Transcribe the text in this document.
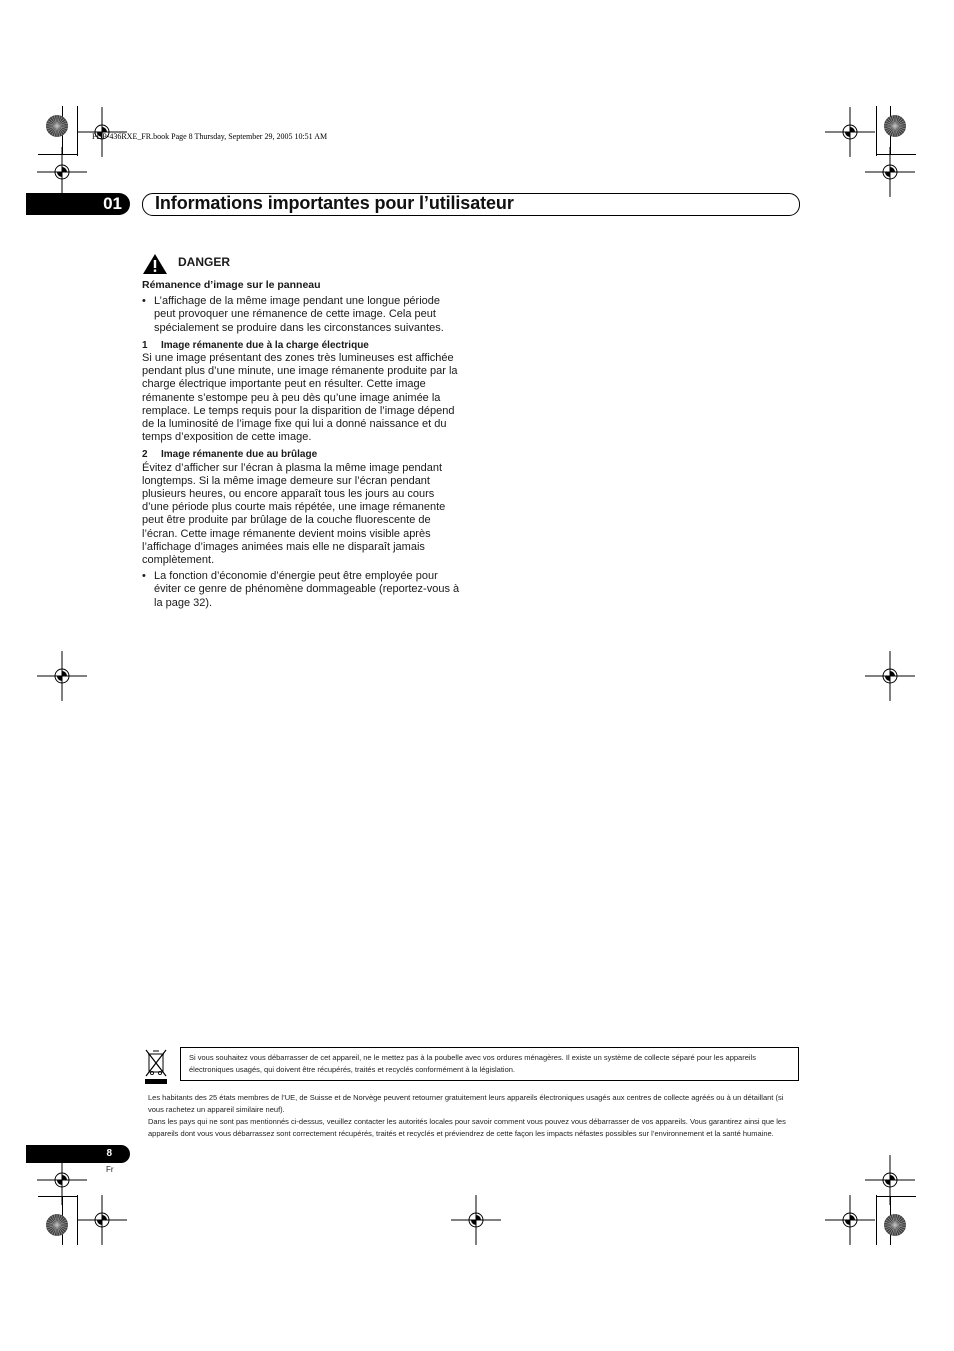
PDP-436RXE_FR.book Page 8 Thursday, September 29, 2005 10:51 AM
01 Informations importantes pour l’utilisateur
DANGER
Rémanence d’image sur le panneau
• L’affichage de la même image pendant une longue période peut provoquer une rémanence de cette image. Cela peut spécialement se produire dans les circonstances suivantes.
1 Image rémanente due à la charge électrique
Si une image présentant des zones très lumineuses est affichée pendant plus d’une minute, une image rémanente produite par la charge électrique importante peut en résulter. Cette image rémanente s’estompe peu à peu dès qu’une image animée la remplace. Le temps requis pour la disparition de l’image dépend de la luminosité de l’image fixe qui lui a donné naissance et du temps d’exposition de cette image.
2 Image rémanente due au brûlage
Évitez d’afficher sur l’écran à plasma la même image pendant longtemps. Si la même image demeure sur l’écran pendant plusieurs heures, ou encore apparaît tous les jours au cours d’une période plus courte mais répétée, une image rémanente peut être produite par brûlage de la couche fluorescente de l’écran. Cette image rémanente devient moins visible après l’affichage d’images animées mais elle ne disparaît jamais complètement.
• La fonction d’économie d’énergie peut être employée pour éviter ce genre de phénomène dommageable (reportez-vous à la page 32).
Si vous souhaitez vous débarrasser de cet appareil, ne le mettez pas à la poubelle avec vos ordures ménagères. Il existe un système de collecte séparé pour les appareils électroniques usagés, qui doivent être récupérés, traités et recyclés conformément à la législation.
Les habitants des 25 états membres de l’UE, de Suisse et de Norvège peuvent retourner gratuitement leurs appareils électroniques usagés aux centres de collecte agréés ou à un détaillant (si vous rachetez un appareil similaire neuf).
Dans les pays qui ne sont pas mentionnés ci-dessus, veuillez contacter les autorités locales pour savoir comment vous pouvez vous débarrasser de vos appareils. Vous garantirez ainsi que les appareils dont vous vous débarrassez sont correctement récupérés, traités et recyclés et préviendrez de cette façon les impacts néfastes possibles sur l’environnement et la santé humaine.
8
Fr
